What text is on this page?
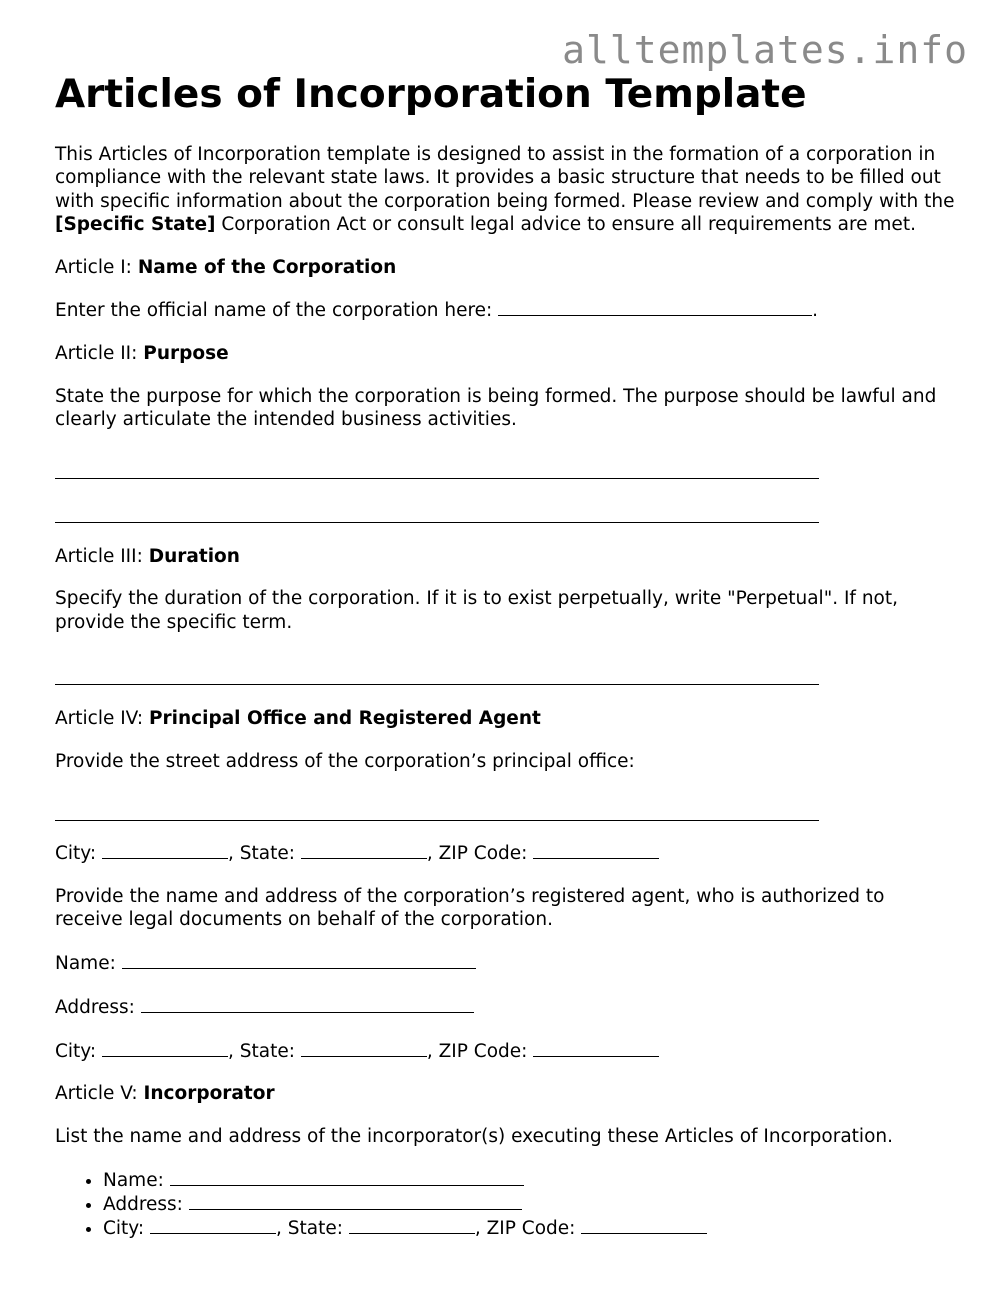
alltemplates.info
Articles of Incorporation Template

This Articles of Incorporation template is designed to assist in the formation of a corporation in compliance with the relevant state laws. It provides a basic structure that needs to be filled out with specific information about the corporation being formed. Please review and comply with the [Specific State] Corporation Act or consult legal advice to ensure all requirements are met.

Article I: Name of the Corporation

Enter the official name of the corporation here:	.

Article II: Purpose

State the purpose for which the corporation is being formed. The purpose should be lawful and clearly articulate the intended business activities.

Article III: Duration

Specify the duration of the corporation. If it is to exist perpetually, write "Perpetual". If not, provide the specific term.

Article IV: Principal Office and Registered Agent

Provide the street address of the corporation’s principal office:

City:	, State:	, ZIP Code:

Provide the name and address of the corporation’s registered agent, who is authorized to receive legal documents on behalf of the corporation.

Name:

Address:

City:	, State:	, ZIP Code:

Article V: Incorporator

List the name and address of the incorporator(s) executing these Articles of Incorporation.

• Name:
• Address:
• City:	, State:	, ZIP Code:
